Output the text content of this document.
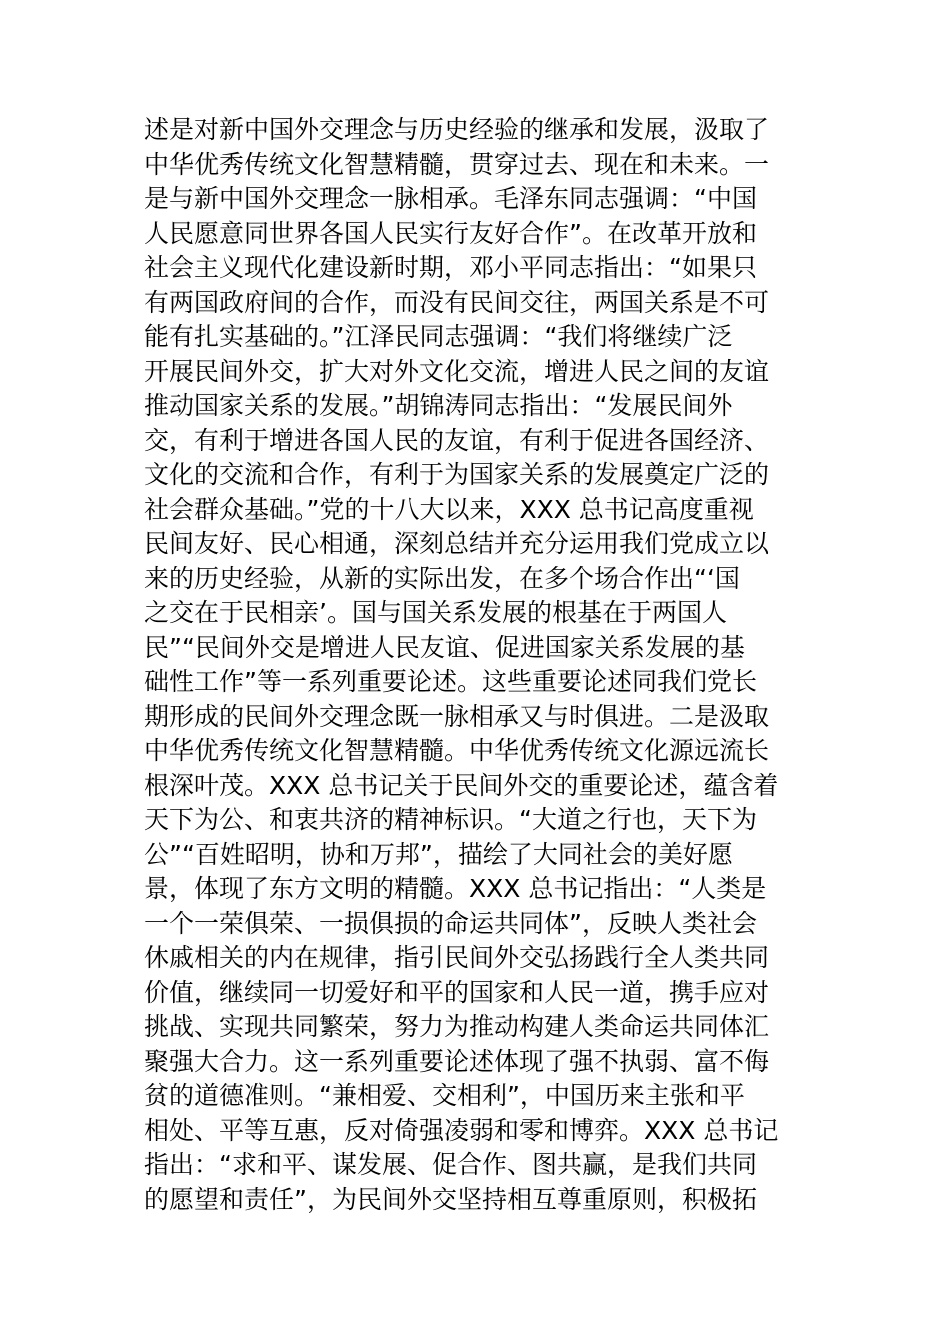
述是对新中国外交理念与历史经验的继承和发展，汲取了
中华优秀传统文化智慧精髓，贯穿过去、现在和未来。一
是与新中国外交理念一脉相承。毛泽东同志强调：“中国
人民愿意同世界各国人民实行友好合作”。在改革开放和
社会主义现代化建设新时期，邓小平同志指出：“如果只
有两国政府间的合作，而没有民间交往，两国关系是不可
能有扎实基础的。”江泽民同志强调：“我们将继续广泛
开展民间外交，扩大对外文化交流，增进人民之间的友谊
推动国家关系的发展。”胡锦涛同志指出：“发展民间外
交，有利于增进各国人民的友谊，有利于促进各国经济、
文化的交流和合作，有利于为国家关系的发展奠定广泛的
社会群众基础。”党的十八大以来，XXX 总书记高度重视
民间友好、民心相通，深刻总结并充分运用我们党成立以
来的历史经验，从新的实际出发，在多个场合作出“‘国
之交在于民相亲’。国与国关系发展的根基在于两国人
民”“民间外交是增进人民友谊、促进国家关系发展的基
础性工作”等一系列重要论述。这些重要论述同我们党长
期形成的民间外交理念既一脉相承又与时俱进。二是汲取
中华优秀传统文化智慧精髓。中华优秀传统文化源远流长
根深叶茂。XXX 总书记关于民间外交的重要论述，蕴含着
天下为公、和衷共济的精神标识。“大道之行也，天下为
公”“百姓昭明，协和万邦”，描绘了大同社会的美好愿
景，体现了东方文明的精髓。XXX 总书记指出：“人类是
一个一荣俱荣、一损俱损的命运共同体”，反映人类社会
休戚相关的内在规律，指引民间外交弘扬践行全人类共同
价值，继续同一切爱好和平的国家和人民一道，携手应对
挑战、实现共同繁荣，努力为推动构建人类命运共同体汇
聚强大合力。这一系列重要论述体现了强不执弱、富不侮
贫的道德准则。“兼相爱、交相利”，中国历来主张和平
相处、平等互惠，反对倚强凌弱和零和博弈。XXX 总书记
指出：“求和平、谋发展、促合作、图共赢，是我们共同
的愿望和责任”，为民间外交坚持相互尊重原则，积极拓
